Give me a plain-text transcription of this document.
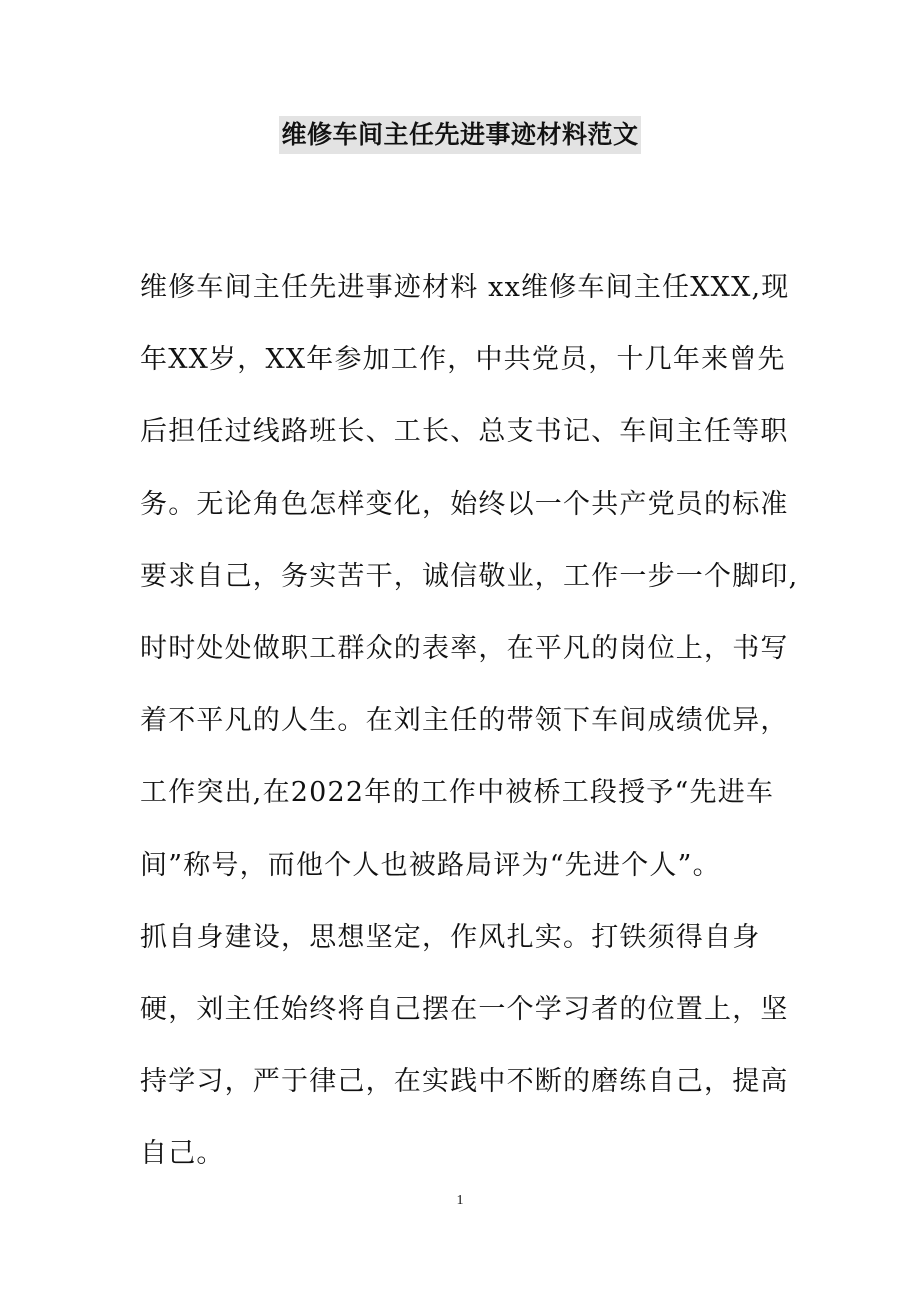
维修车间主任先进事迹材料范文
维修车间主任先进事迹材料 xx维修车间主任XXX,现
年XX岁，XX年参加工作，中共党员，十几年来曾先
后担任过线路班长、工长、总支书记、车间主任等职
务。无论角色怎样变化，始终以一个共产党员的标准
要求自己，务实苦干，诚信敬业，工作一步一个脚印,
时时处处做职工群众的表率，在平凡的岗位上，书写
着不平凡的人生。在刘主任的带领下车间成绩优异，
工作突出,在2022年的工作中被桥工段授予“先进车
间”称号，而他个人也被路局评为“先进个人”。
抓自身建设，思想坚定，作风扎实。打铁须得自身
硬，刘主任始终将自己摆在一个学习者的位置上，坚
持学习，严于律己，在实践中不断的磨练自己，提高
自己。
1
